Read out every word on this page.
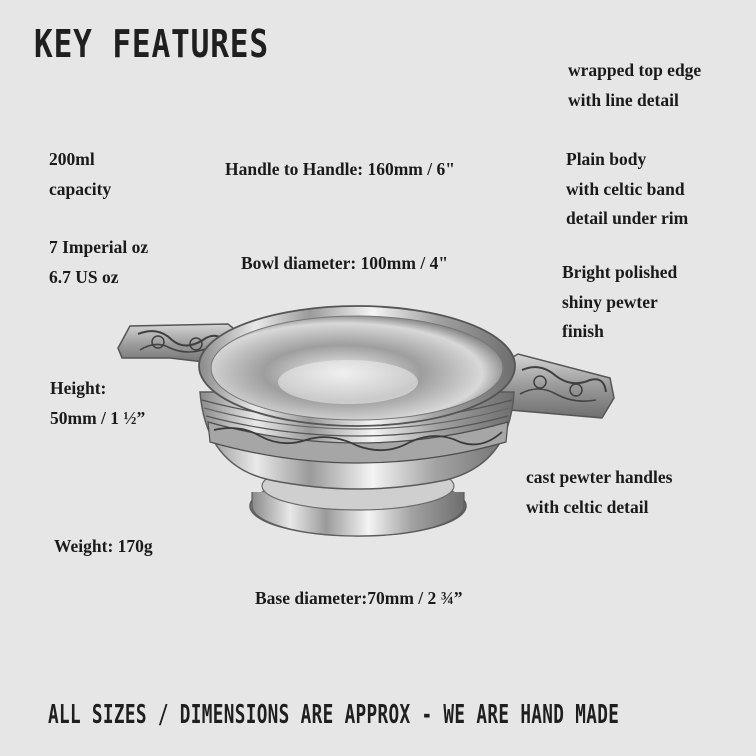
KEY FEATURES
200ml
capacity
7 Imperial oz
6.7 US oz
Height:
50mm / 1 ½”
Weight: 170g
Handle to Handle: 160mm / 6"
Bowl diameter: 100mm / 4"
Base diameter:70mm / 2 ¾”
wrapped top edge
with line detail
Plain body
with celtic band
detail under rim
Bright polished
shiny pewter
finish
cast pewter handles
with celtic detail
ALL SIZES / DIMENSIONS ARE APPROX - WE ARE HAND MADE
